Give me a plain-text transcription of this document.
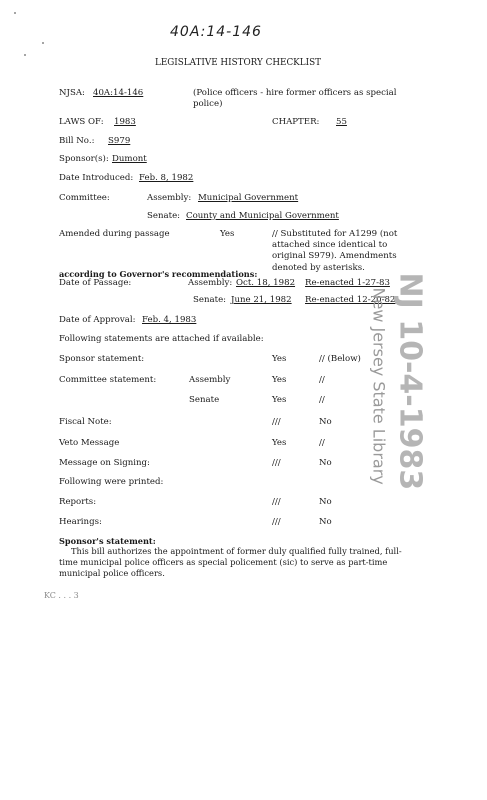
40A:14-146
LEGISLATIVE HISTORY CHECKLIST
NJSA: 40A:14-146	(Police officers - hire former officers as special police)
LAWS OF: 1983	CHAPTER: 55
Bill No.: S979
Sponsor(s): Dumont
Date Introduced: Feb. 8, 1982
Committee:	Assembly: Municipal Government
Senate: County and Municipal Government
Amended during passage	Yes	// Substituted for A1299 (not attached since identical to original S979). Amendments denoted by asterisks.
according to Governor's recommendations:
Date of Passage:	Assembly: Oct. 18, 1982 Re-enacted 1-27-83
Senate: June 21, 1982 Re-enacted 12-20-82
Date of Approval: Feb. 4, 1983
Following statements are attached if available:
Sponsor statement:	Yes	// (Below)
Committee statement:	Assembly	Yes	//
Senate	Yes	//
Fiscal Note:	///	No
Veto Message	Yes	//
Message on Signing:	///	No
Following were printed:
Reports:	///	No
Hearings:	///	No
Sponsor's statement:
This bill authorizes the appointment of former duly qualified fully trained, full-time municipal police officers as special policement (sic) to serve as part-time municipal police officers.
KC . . . 3
NJ 10-4-1983
New Jersey State Library
